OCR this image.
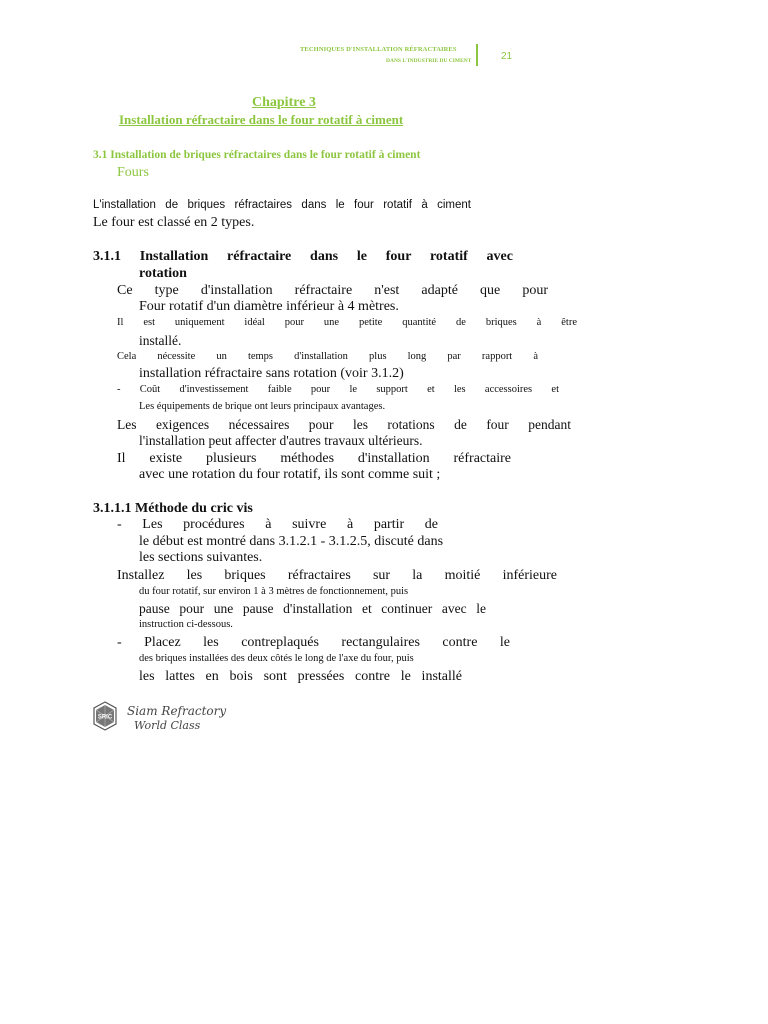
TECHNIQUES D'INSTALLATION RÉFRACTAIRES
DANS L'INDUSTRIE DU CIMENT	21
Chapitre 3
Installation réfractaire dans le four rotatif à ciment
3.1 Installation de briques réfractaires dans le four rotatif à ciment
Fours
L'installation de briques réfractaires dans le four rotatif à ciment
Le four est classé en 2 types.
3.1.1 Installation réfractaire dans le four rotatif avec
rotation
Ce type d'installation réfractaire n'est adapté que pour
Four rotatif d'un diamètre inférieur à 4 mètres.
Il est uniquement idéal pour une petite quantité de briques à être
installé.
Cela nécessite un temps d'installation plus long par rapport à
installation réfractaire sans rotation (voir 3.1.2)
- Coût d'investissement faible pour le support et les accessoires et
Les équipements de brique ont leurs principaux avantages.
Les exigences nécessaires pour les rotations de four pendant
l'installation peut affecter d'autres travaux ultérieurs.
Il existe plusieurs méthodes d'installation réfractaire
avec une rotation du four rotatif, ils sont comme suit ;
3.1.1.1 Méthode du cric vis
- Les procédures à suivre à partir de
le début est montré dans 3.1.2.1 - 3.1.2.5, discuté dans
les sections suivantes.
Installez les briques réfractaires sur la moitié inférieure
du four rotatif, sur environ 1 à 3 mètres de fonctionnement, puis
pause pour une pause d'installation et continuer avec le
instruction ci-dessous.
- Placez les contreplaqués rectangulaires contre le
des briques installées des deux côtés le long de l'axe du four, puis
les lattes en bois sont pressées contre le installé
SRIC Siam Refractory
World Class
